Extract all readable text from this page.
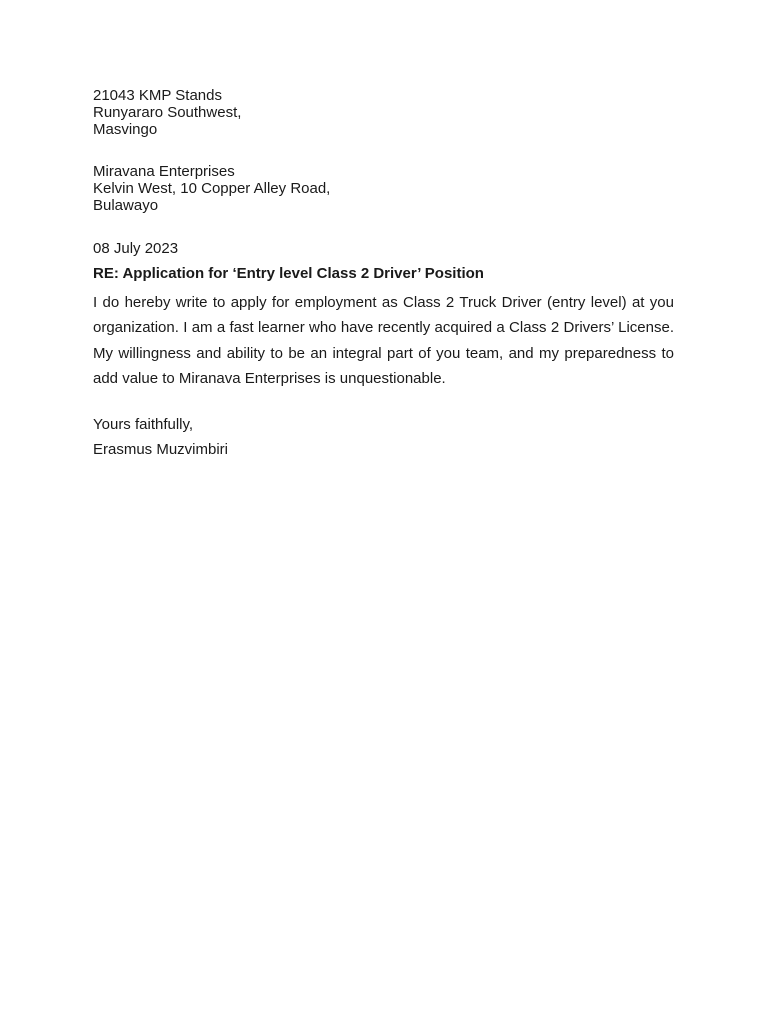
21043 KMP Stands
Runyararo Southwest,
Masvingo
Miravana Enterprises
Kelvin West, 10 Copper Alley Road,
Bulawayo
08 July 2023
RE: Application for ‘Entry level Class 2 Driver’ Position

I do hereby write to apply for employment as Class 2 Truck Driver (entry level) at you organization. I am a fast learner who have recently acquired a Class 2 Drivers’ License. My willingness and ability to be an integral part of you team, and my preparedness to add value to Miranava Enterprises is unquestionable.

Yours faithfully,
Erasmus Muzvimbiri
